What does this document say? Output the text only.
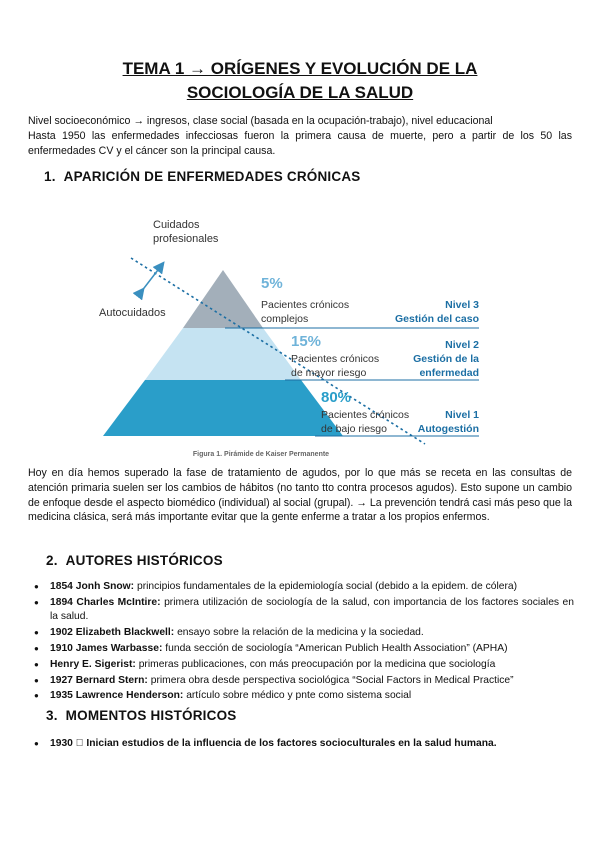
TEMA 1 → ORÍGENES Y EVOLUCIÓN DE LA
SOCIOLOGÍA DE LA SALUD
Nivel socioeconómico → ingresos, clase social (basada en la ocupación-trabajo), nivel educacional
Hasta 1950 las enfermedades infecciosas fueron la primera causa de muerte, pero a partir de los 50 las enfermedades CV y el cáncer son la principal causa.
1. APARICIÓN DE ENFERMEDADES CRÓNICAS
Cuidados
profesionales
Autocuidados
5%
Pacientes crónicos
complejos
Nivel 3
Gestión del caso
15%
Pacientes crónicos
de mayor riesgo
Nivel 2
Gestión de la
enfermedad
80%
Pacientes crónicos
de bajo riesgo
Nivel 1
Autogestión
Figura 1. Pirámide de Kaiser Permanente
Hoy en día hemos superado la fase de tratamiento de agudos, por lo que más se receta en las consultas de atención primaria suelen ser los cambios de hábitos (no tanto tto contra procesos agudos). Esto supone un cambio de enfoque desde el aspecto biomédico (individual) al social (grupal). → La prevención tendrá casi más peso que la medicina clásica, será más importante evitar que la gente enferme a tratar a los propios enfermos.
2. AUTORES HISTÓRICOS
● 1854 Jonh Snow: principios fundamentales de la epidemiología social (debido a la epidem. de cólera)
● 1894 Charles McIntire: primera utilización de sociología de la salud, con importancia de los factores sociales en la salud.
● 1902 Elizabeth Blackwell: ensayo sobre la relación de la medicina y la sociedad.
● 1910 James Warbasse: funda sección de sociología “American Publich Health Association” (APHA)
● Henry E. Sigerist: primeras publicaciones, con más preocupación por la medicina que sociología
● 1927 Bernard Stern: primera obra desde perspectiva sociológica “Social Factors in Medical Practice”
● 1935 Lawrence Henderson: artículo sobre médico y pnte como sistema social
3. MOMENTOS HISTÓRICOS
● 1930   Inician estudios de la influencia de los factores socioculturales en la salud humana.
